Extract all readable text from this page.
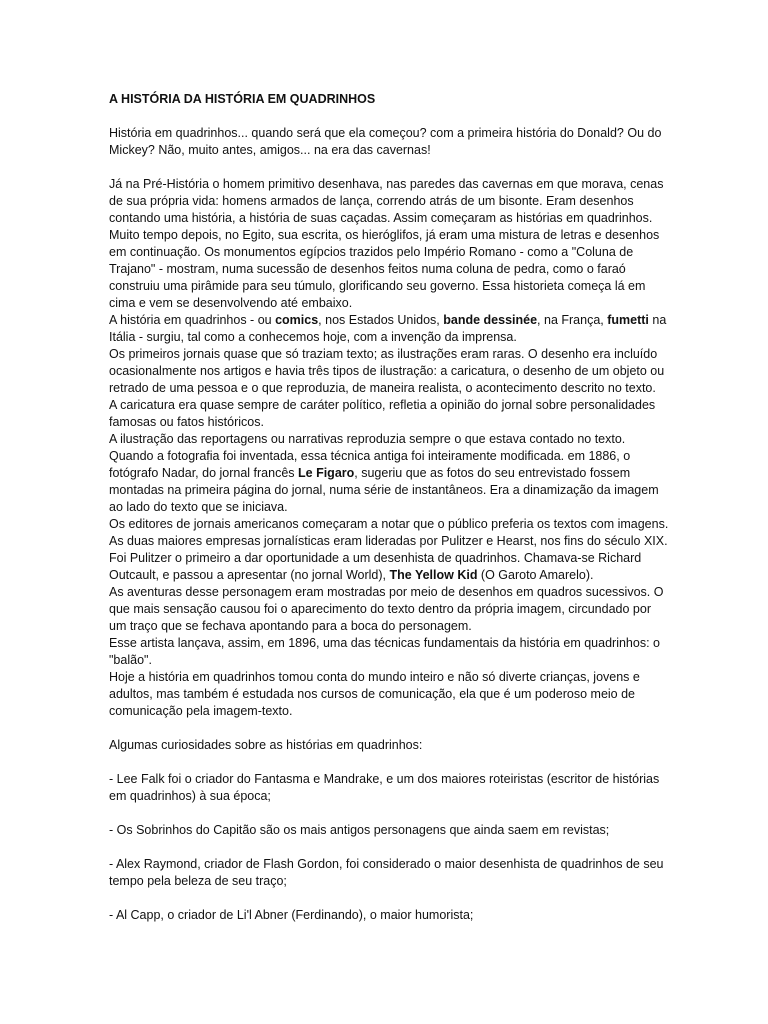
A HISTÓRIA DA HISTÓRIA EM QUADRINHOS

História em quadrinhos... quando será que ela começou? com a primeira história do Donald? Ou do Mickey? Não, muito antes, amigos... na era das cavernas!

Já na Pré-História o homem primitivo desenhava, nas paredes das cavernas em que morava, cenas de sua própria vida: homens armados de lança, correndo atrás de um bisonte. Eram desenhos contando uma história, a história de suas caçadas. Assim começaram as histórias em quadrinhos.

Muito tempo depois, no Egito, sua escrita, os hieróglifos, já eram uma mistura de letras e desenhos em continuação. Os monumentos egípcios trazidos pelo Império Romano - como a "Coluna de Trajano" - mostram, numa sucessão de desenhos feitos numa coluna de pedra, como o faraó construiu uma pirâmide para seu túmulo, glorificando seu governo. Essa historieta começa lá em cima e vem se desenvolvendo até embaixo.

A história em quadrinhos - ou comics, nos Estados Unidos, bande dessinée, na França, fumetti na Itália - surgiu, tal como a conhecemos hoje, com a invenção da imprensa.

Os primeiros jornais quase que só traziam texto; as ilustrações eram raras. O desenho era incluído ocasionalmente nos artigos e havia três tipos de ilustração: a caricatura, o desenho de um objeto ou retrado de uma pessoa e o que reproduzia, de maneira realista, o acontecimento descrito no texto.

A caricatura era quase sempre de caráter político, refletia a opinião do jornal sobre personalidades famosas ou fatos históricos.

A ilustração das reportagens ou narrativas reproduzia sempre o que estava contado no texto.

Quando a fotografia foi inventada, essa técnica antiga foi inteiramente modificada. em 1886, o fotógrafo Nadar, do jornal francês Le Figaro, sugeriu que as fotos do seu entrevistado fossem montadas na primeira página do jornal, numa série de instantâneos. Era a dinamização da imagem ao lado do texto que se iniciava.

Os editores de jornais americanos começaram a notar que o público preferia os textos com imagens. As duas maiores empresas jornalísticas eram lideradas por Pulitzer e Hearst, nos fins do século XIX. Foi Pulitzer o primeiro a dar oportunidade a um desenhista de quadrinhos. Chamava-se Richard Outcault, e passou a apresentar (no jornal World), The Yellow Kid (O Garoto Amarelo).

As aventuras desse personagem eram mostradas por meio de desenhos em quadros sucessivos. O que mais sensação causou foi o aparecimento do texto dentro da própria imagem, circundado por um traço que se fechava apontando para a boca do personagem.

Esse artista lançava, assim, em 1896, uma das técnicas fundamentais da história em quadrinhos: o "balão".

Hoje a história em quadrinhos tomou conta do mundo inteiro e não só diverte crianças, jovens e adultos, mas também é estudada nos cursos de comunicação, ela que é um poderoso meio de comunicação pela imagem-texto.

Algumas curiosidades sobre as histórias em quadrinhos:

- Lee Falk foi o criador do Fantasma e Mandrake, e um dos maiores roteiristas (escritor de histórias em quadrinhos) à sua época;

- Os Sobrinhos do Capitão são os mais antigos personagens que ainda saem em revistas;

- Alex Raymond, criador de Flash Gordon, foi considerado o maior desenhista de quadrinhos de seu tempo pela beleza de seu traço;

- Al Capp, o criador de Li'l Abner (Ferdinando), o maior humorista;
